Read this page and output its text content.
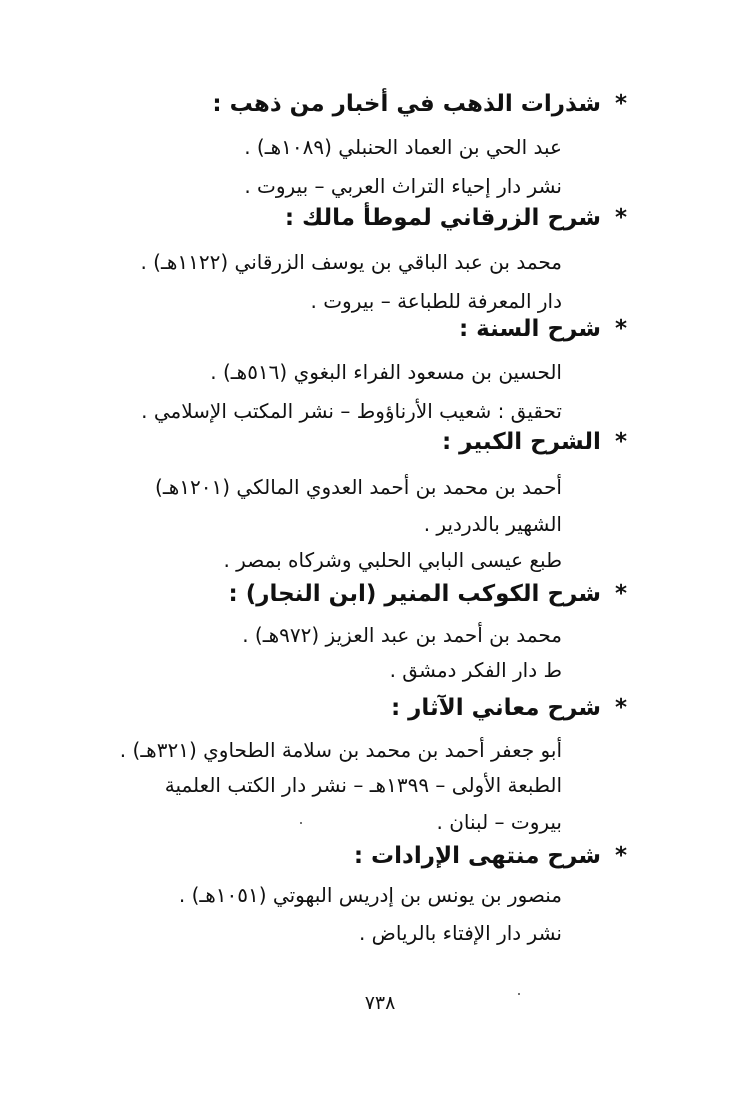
* شذرات الذهب في أخبار من ذهب :
عبد الحي بن العماد الحنبلي (١٠٨٩هـ) .
نشر دار إحياء التراث العربي – بيروت .
* شرح الزرقاني لموطأ مالك :
محمد بن عبد الباقي بن يوسف الزرقاني (١١٢٢هـ) .
دار المعرفة للطباعة – بيروت .
* شرح السنة :
الحسين بن مسعود الفراء البغوي (٥١٦هـ) .
تحقيق : شعيب الأرناؤوط – نشر المكتب الإسلامي .
* الشرح الكبير :
أحمد بن محمد بن أحمد العدوي المالكي (١٢٠١هـ)
الشهير بالدردير .
طبع عيسى البابي الحلبي وشركاه بمصر .
* شرح الكوكب المنير (ابن النجار) :
محمد بن أحمد بن عبد العزيز (٩٧٢هـ) .
ط دار الفكر دمشق .
* شرح معاني الآثار :
أبو جعفر أحمد بن محمد بن سلامة الطحاوي (٣٢١هـ) .
الطبعة الأولى – ١٣٩٩هـ – نشر دار الكتب العلمية
بيروت – لبنان .
* شرح منتهى الإرادات :
منصور بن يونس بن إدريس البهوتي (١٠٥١هـ) .
نشر دار الإفتاء بالرياض .
٧٣٨
